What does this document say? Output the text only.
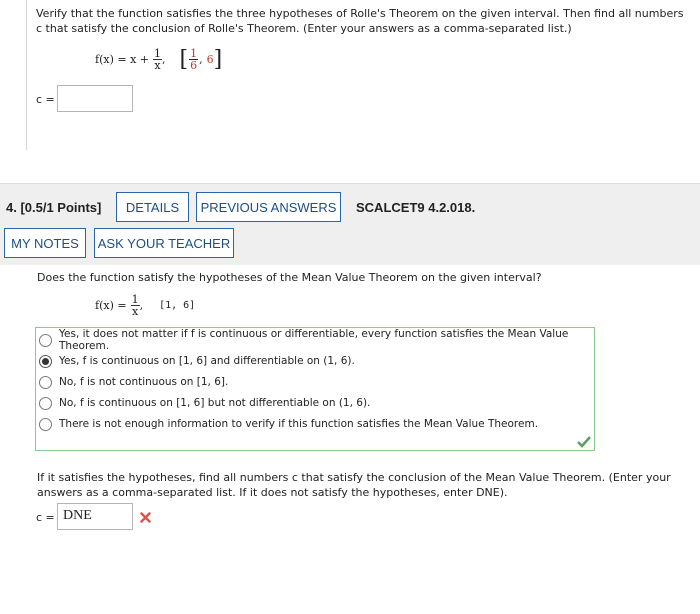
Verify that the function satisfies the three hypotheses of Rolle's Theorem on the given interval. Then find all numbers c that satisfy the conclusion of Rolle's Theorem. (Enter your answers as a comma-separated list.)
$f(x) = x + \frac{1}{x}$ , [ $\frac{1}{6}$ , 6 ]
c =
4. [0.5/1 Points]	DETAILS	PREVIOUS ANSWERS	SCALCET9 4.2.018.
MY NOTES	ASK YOUR TEACHER
Does the function satisfy the hypotheses of the Mean Value Theorem on the given interval?
$f(x) = \frac{1}{x}$ , [1, 6]
Yes, it does not matter if f is continuous or differentiable, every function satisfies the Mean Value Theorem.
Yes, f is continuous on [1, 6] and differentiable on (1, 6).
No, f is not continuous on [1, 6].
No, f is continuous on [1, 6] but not differentiable on (1, 6).
There is not enough information to verify if this function satisfies the Mean Value Theorem.
If it satisfies the hypotheses, find all numbers c that satisfy the conclusion of the Mean Value Theorem. (Enter your answers as a comma-separated list. If it does not satisfy the hypotheses, enter DNE).
c = DNE
